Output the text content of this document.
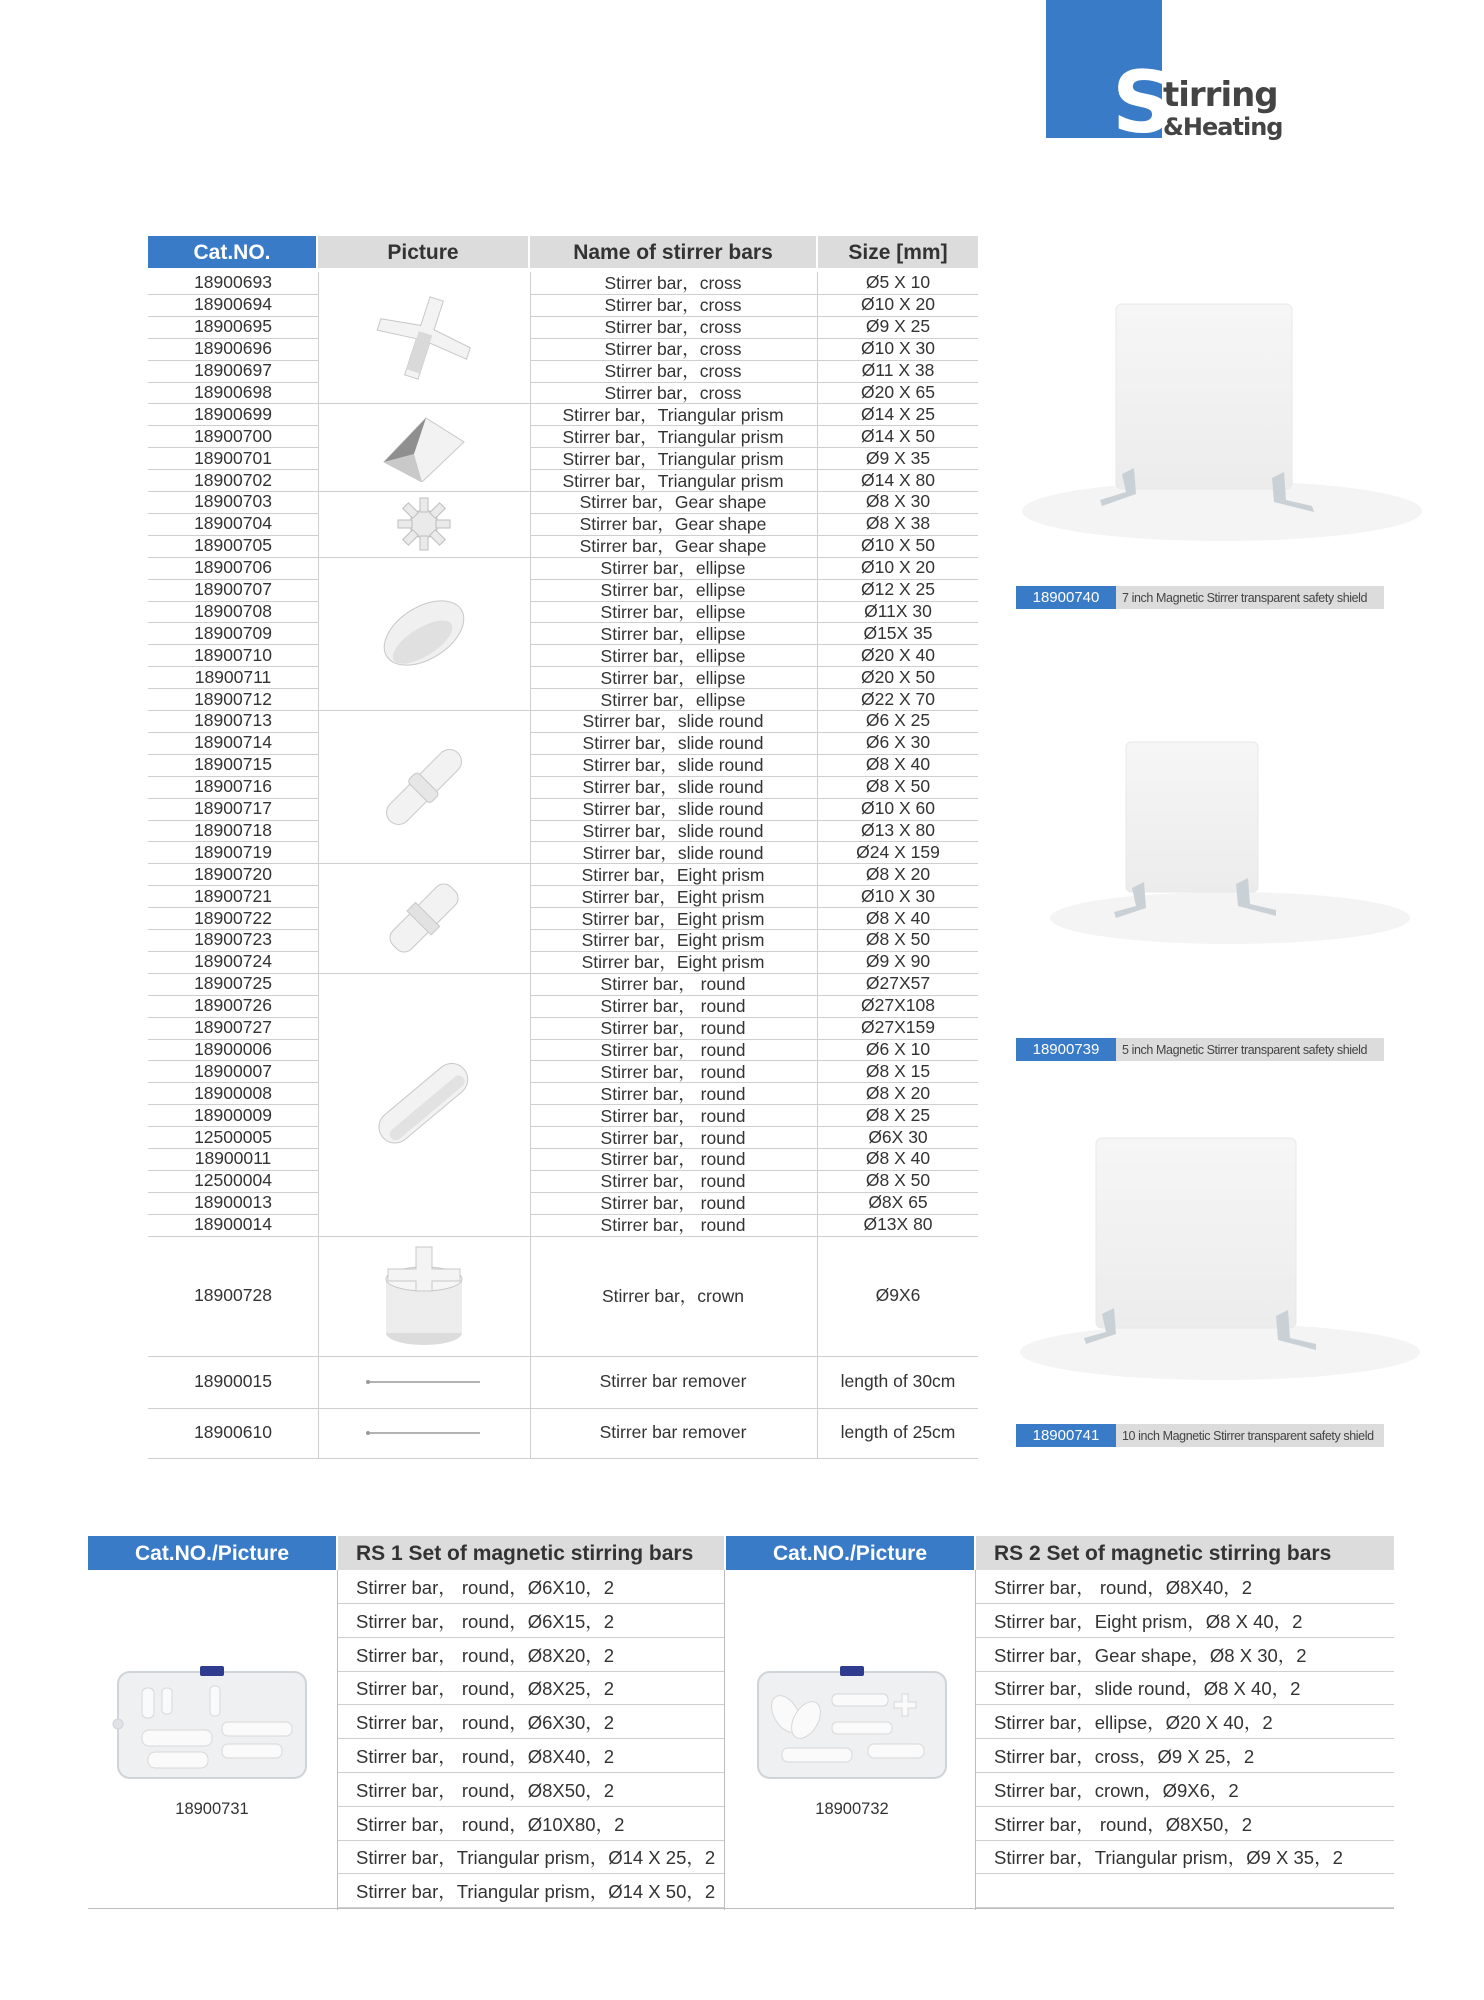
S
tirring
&Heating
Cat.NO.	Picture	Name of stirrer bars	Size [mm]
18900693	Stirrer bar，cross	Ø5 X 10
18900694	Stirrer bar，cross	Ø10 X 20
18900695	Stirrer bar，cross	Ø9 X 25
18900696	Stirrer bar，cross	Ø10 X 30
18900697	Stirrer bar，cross	Ø11 X 38
18900698	Stirrer bar，cross	Ø20 X 65
18900699	Stirrer bar，Triangular prism	Ø14 X 25
18900700	Stirrer bar，Triangular prism	Ø14 X 50
18900701	Stirrer bar，Triangular prism	Ø9 X 35
18900702	Stirrer bar，Triangular prism	Ø14 X 80
18900703	Stirrer bar，Gear shape	Ø8 X 30
18900704	Stirrer bar，Gear shape	Ø8 X 38
18900705	Stirrer bar，Gear shape	Ø10 X 50
18900706	Stirrer bar，ellipse	Ø10 X 20
18900707	Stirrer bar，ellipse	Ø12 X 25
18900708	Stirrer bar，ellipse	Ø11X 30
18900709	Stirrer bar，ellipse	Ø15X 35
18900710	Stirrer bar，ellipse	Ø20 X 40
18900711	Stirrer bar，ellipse	Ø20 X 50
18900712	Stirrer bar，ellipse	Ø22 X 70
18900713	Stirrer bar，slide round	Ø6 X 25
18900714	Stirrer bar，slide round	Ø6 X 30
18900715	Stirrer bar，slide round	Ø8 X 40
18900716	Stirrer bar，slide round	Ø8 X 50
18900717	Stirrer bar，slide round	Ø10 X 60
18900718	Stirrer bar，slide round	Ø13 X 80
18900719	Stirrer bar，slide round	Ø24 X 159
18900720	Stirrer bar，Eight prism	Ø8 X 20
18900721	Stirrer bar，Eight prism	Ø10 X 30
18900722	Stirrer bar，Eight prism	Ø8 X 40
18900723	Stirrer bar，Eight prism	Ø8 X 50
18900724	Stirrer bar，Eight prism	Ø9 X 90
18900725	Stirrer bar， round	Ø27X57
18900726	Stirrer bar， round	Ø27X108
18900727	Stirrer bar， round	Ø27X159
18900006	Stirrer bar， round	Ø6 X 10
18900007	Stirrer bar， round	Ø8 X 15
18900008	Stirrer bar， round	Ø8 X 20
18900009	Stirrer bar， round	Ø8 X 25
12500005	Stirrer bar， round	Ø6X 30
18900011	Stirrer bar， round	Ø8 X 40
12500004	Stirrer bar， round	Ø8 X 50
18900013	Stirrer bar， round	Ø8X 65
18900014	Stirrer bar， round	Ø13X 80
18900728	Stirrer bar，crown	Ø9X6
18900015	Stirrer bar remover	length of 30cm
18900610	Stirrer bar remover	length of 25cm
18900740	7 inch Magnetic Stirrer transparent safety shield
18900739	5 inch Magnetic Stirrer transparent safety shield
18900741	10 inch Magnetic Stirrer transparent safety shield
Cat.NO./Picture	RS 1 Set of magnetic stirring bars	Cat.NO./Picture	RS 2 Set of magnetic stirring bars
Stirrer bar， round，Ø6X10，2
Stirrer bar， round，Ø6X15，2
Stirrer bar， round，Ø8X20，2
Stirrer bar， round，Ø8X25，2
Stirrer bar， round，Ø6X30，2
Stirrer bar， round，Ø8X40，2
Stirrer bar， round，Ø8X50，2
Stirrer bar， round，Ø10X80，2
Stirrer bar，Triangular prism，Ø14 X 25，2
Stirrer bar，Triangular prism，Ø14 X 50，2
Stirrer bar， round，Ø8X40，2
Stirrer bar，Eight prism，Ø8 X 40，2
Stirrer bar，Gear shape，Ø8 X 30，2
Stirrer bar，slide round，Ø8 X 40，2
Stirrer bar，ellipse，Ø20 X 40，2
Stirrer bar，cross，Ø9 X 25，2
Stirrer bar，crown，Ø9X6，2
Stirrer bar， round，Ø8X50，2
Stirrer bar，Triangular prism，Ø9 X 35，2
18900731	18900732
